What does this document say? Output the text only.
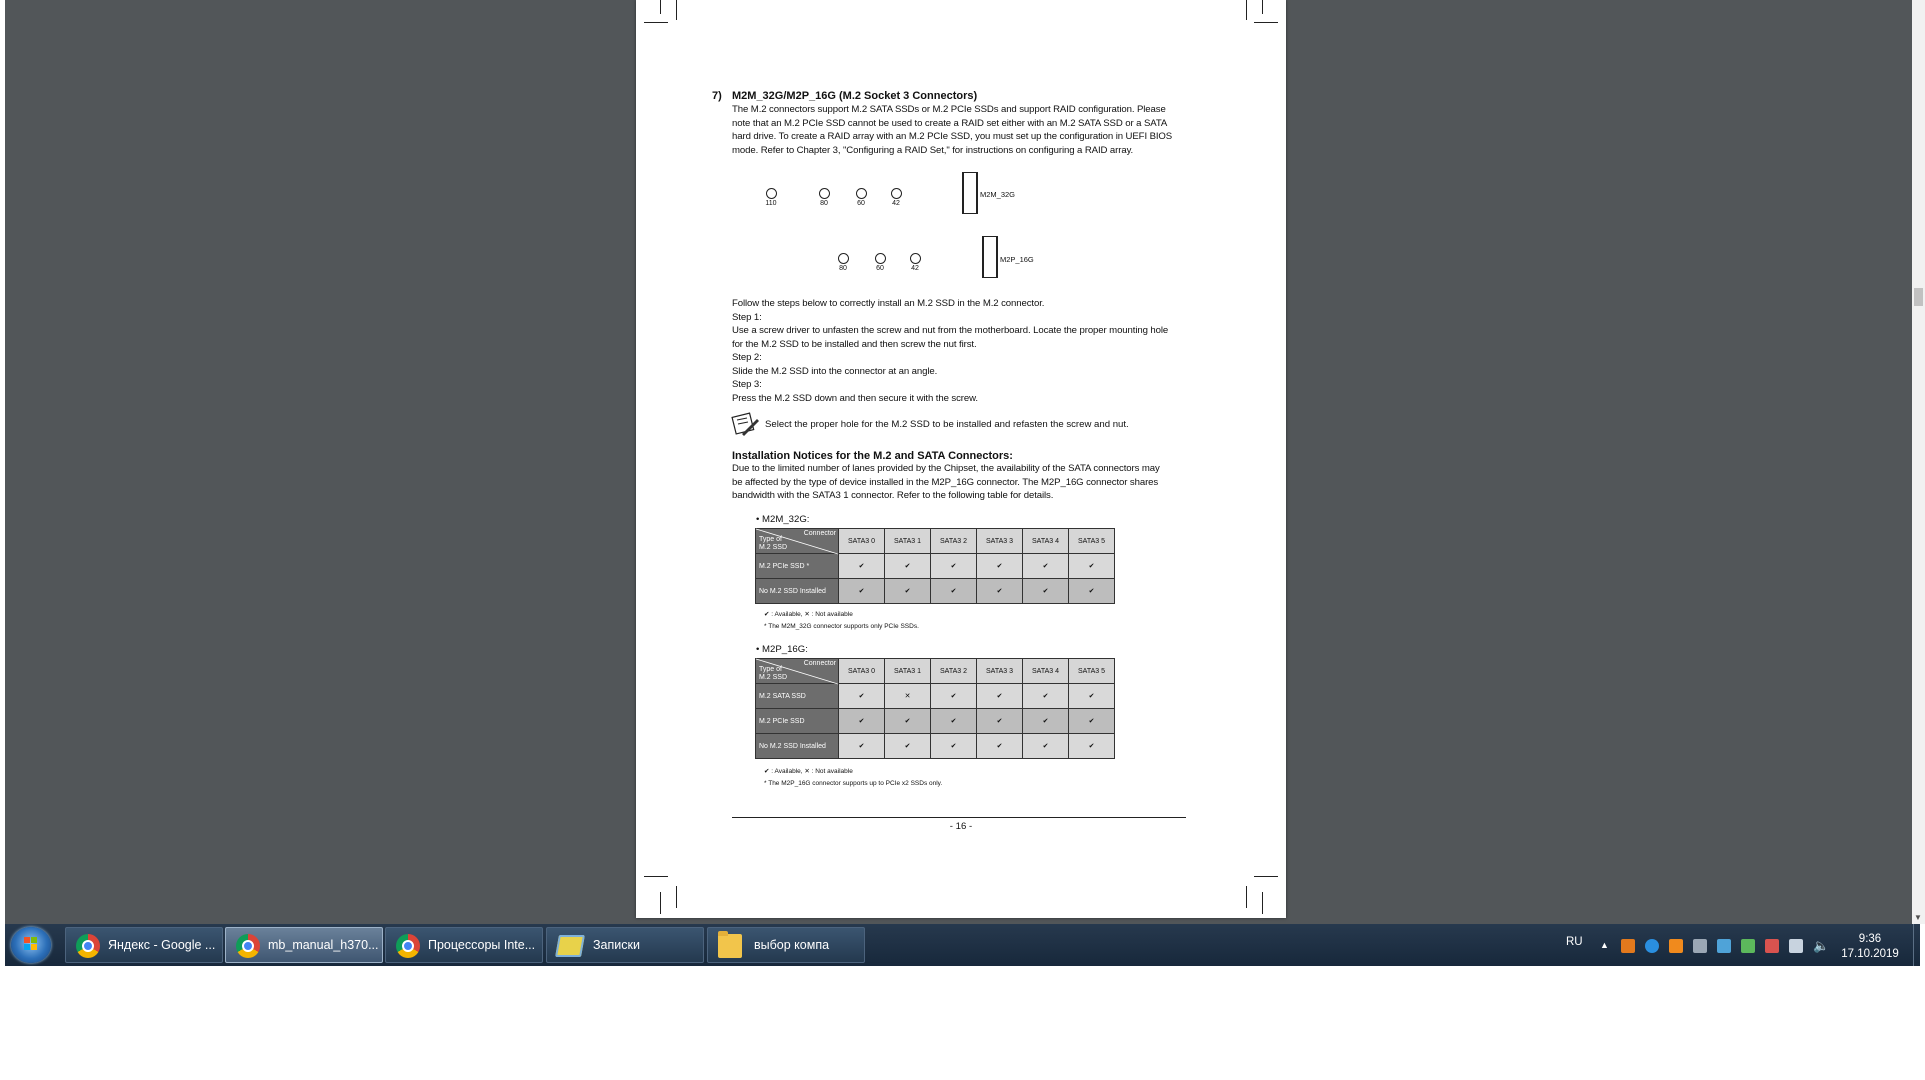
7) M2M_32G/M2P_16G (M.2 Socket 3 Connectors)

The M.2 connectors support M.2 SATA SSDs or M.2 PCIe SSDs and support RAID configuration. Please

note that an M.2 PCIe SSD cannot be used to create a RAID set either with an M.2 SATA SSD or a SATA

hard drive. To create a RAID array with an M.2 PCIe SSD, you must set up the configuration in UEFI BIOS

mode. Refer to Chapter 3, "Configuring a RAID Set," for instructions on configuring a RAID array.

110	80	60	42
M2M_32G
80	60	42
M2P_16G

Follow the steps below to correctly install an M.2 SSD in the M.2 connector.

Step 1:

Use a screw driver to unfasten the screw and nut from the motherboard. Locate the proper mounting hole

for the M.2 SSD to be installed and then screw the nut first.

Step 2:

Slide the M.2 SSD into the connector at an angle.

Step 3:

Press the M.2 SSD down and then secure it with the screw.

Select the proper hole for the M.2 SSD to be installed and refasten the screw and nut.
Installation Notices for the M.2 and SATA Connectors:

Due to the limited number of lanes provided by the Chipset, the availability of the SATA connectors may

be affected by the type of device installed in the M2P_16G connector. The M2P_16G connector shares

bandwidth with the SATA3 1 connector. Refer to the following table for details.

• M2M_32G:
Connector
Type of
M.2 SSD	SATA3 0	SATA3 1	SATA3 2	SATA3 3	SATA3 4	SATA3 5
M.2 PCIe SSD *	✔	✔	✔	✔	✔	✔
No M.2 SSD Installed	✔	✔	✔	✔	✔	✔
✔ : Available, ✕ : Not available
* The M2M_32G connector supports only PCIe SSDs.
• M2P_16G:
Connector
Type of
M.2 SSD	SATA3 0	SATA3 1	SATA3 2	SATA3 3	SATA3 4	SATA3 5
M.2 SATA SSD	✔	✕	✔	✔	✔	✔
M.2 PCIe SSD	✔	✔	✔	✔	✔	✔
No M.2 SSD Installed	✔	✔	✔	✔	✔	✔
✔ : Available, ✕ : Not available
* The M2P_16G connector supports up to PCIe x2 SSDs only.
- 16 -
▼
Яндекс - Google ...	mb_manual_h370...	Процессоры Inte...	Записки	выбор компа	RU ▲	🔈	9:36
17.10.2019
